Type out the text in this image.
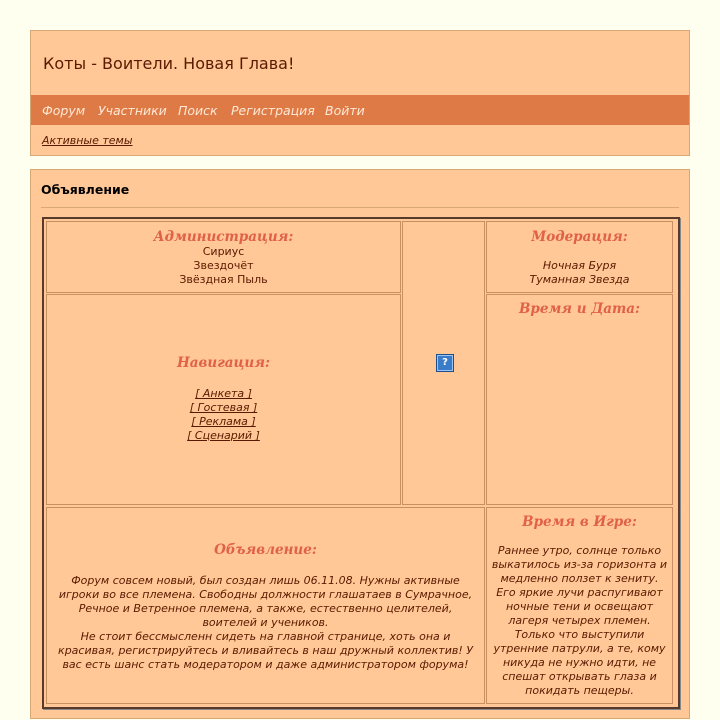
Коты - Воители. Новая Глава!
Форум Участники Поиск Регистрация Войти
Активные темы
Объявление
Администрация:
Сириус
Звездочёт
Звёздная Пыль
?
Модерация:
Ночная Буря
Туманная Звезда
Навигация:
[ Анкета ]
[ Гостевая ]
[ Реклама ]
[ Сценарий ]
Время и Дата:
Объявление:
Форум совсем новый, был создан лишь 06.11.08. Нужны активные
игроки во все племена. Свободны должности глашатаев в Сумрачное,
Речное и Ветренное племена, а также, естественно целителей,
воителей и учеников.
Не стоит бессмысленн сидеть на главной странице, хоть она и
красивая, регистрируйтесь и вливайтесь в наш дружный коллектив! У
вас есть шанс стать модератором и даже администратором форума!
Время в Игре:
Раннее утро, солнце только
выкатилось из-за горизонта и
медленно ползет к зениту.
Его яркие лучи распугивают
ночные тени и освещают
лагеря четырех племен.
Только что выступили
утренние патрули, а те, кому
никуда не нужно идти, не
спешат открывать глаза и
покидать пещеры.
